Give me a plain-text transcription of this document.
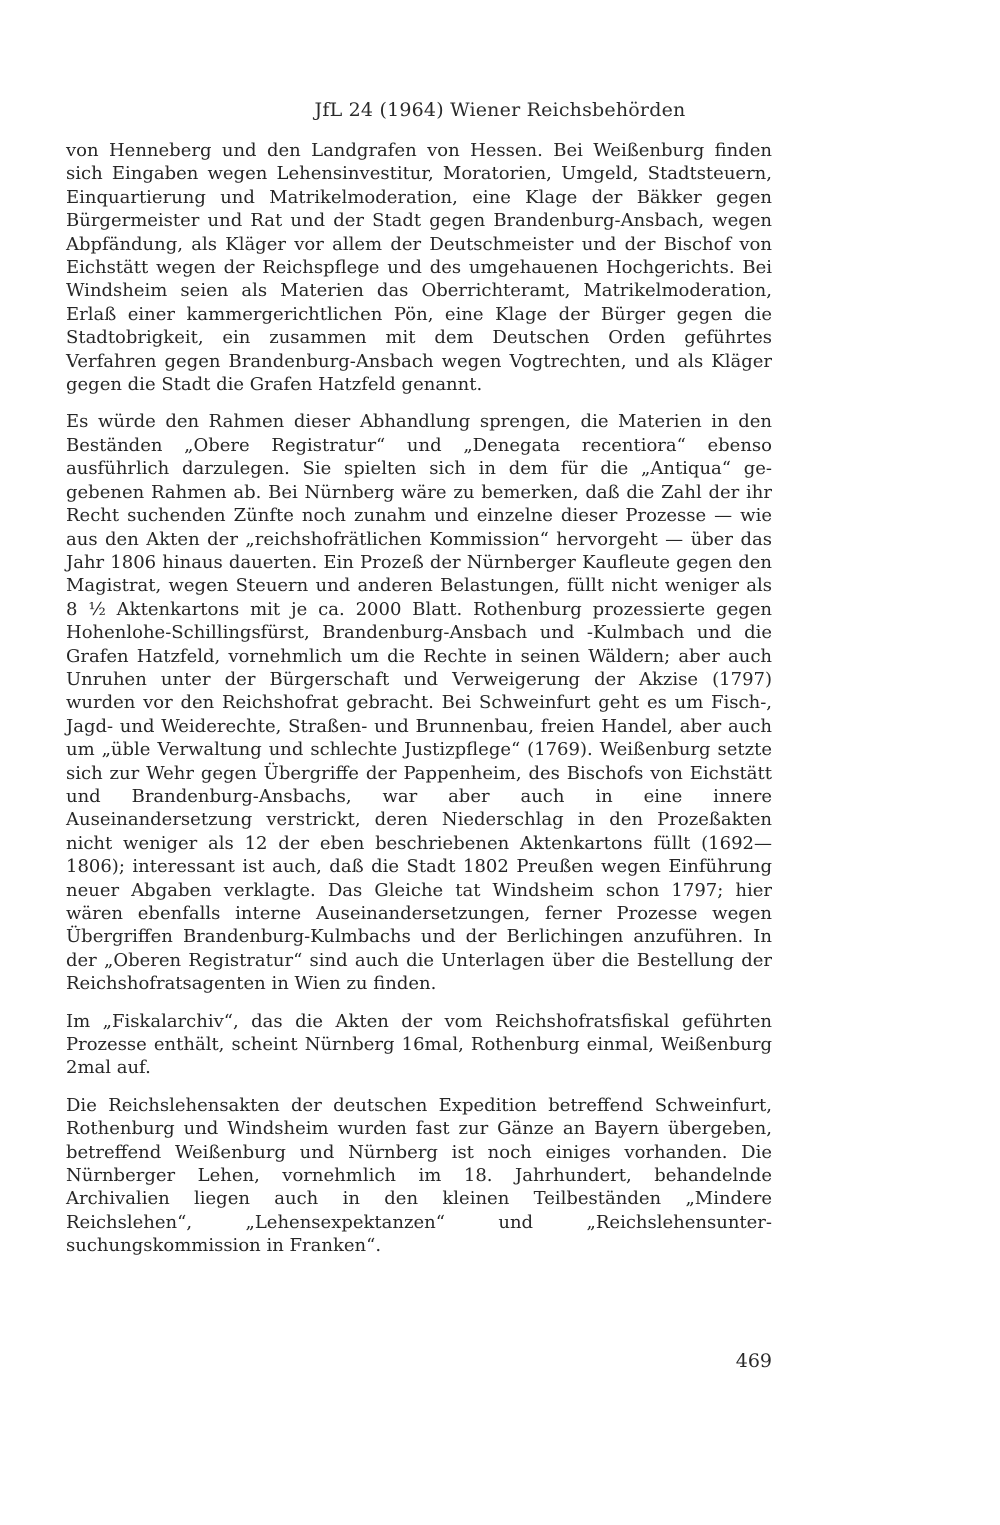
JfL 24 (1964) Wiener Reichsbehörden

von Henneberg und den Landgrafen von Hessen. Bei Weißenburg finden sich Eingaben wegen Lehensinvestitur, Moratorien, Umgeld, Stadtsteuern, Einquartierung und Matrikelmoderation, eine Klage der Bäkker gegen Bürgermeister und Rat und der Stadt gegen Brandenburg-Ansbach, wegen Abpfändung, als Kläger vor allem der Deutschmeister und der Bischof von Eichstätt wegen der Reichspflege und des umgehauenen Hochgerichts. Bei Windsheim seien als Materien das Oberrichteramt, Matrikelmoderation, Erlaß einer kammergerichtlichen Pön, eine Klage der Bürger gegen die Stadtobrigkeit, ein zusammen mit dem Deutschen Orden geführtes Verfahren gegen Brandenburg-Ansbach wegen Vogtrechten, und als Kläger gegen die Stadt die Grafen Hatzfeld genannt.

Es würde den Rahmen dieser Abhandlung sprengen, die Materien in den Beständen „Obere Registratur“ und „Denegata recentiora“ ebenso ausführlich darzulegen. Sie spielten sich in dem für die „Antiqua“ gegebenen Rahmen ab. Bei Nürnberg wäre zu bemerken, daß die Zahl der ihr Recht suchenden Zünfte noch zunahm und einzelne dieser Prozesse — wie aus den Akten der „reichshofrätlichen Kommission“ hervorgeht — über das Jahr 1806 hinaus dauerten. Ein Prozeß der Nürnberger Kaufleute gegen den Magistrat, wegen Steuern und anderen Belastungen, füllt nicht weniger als 8 ½ Aktenkartons mit je ca. 2000 Blatt. Rothenburg prozessierte gegen Hohenlohe-Schillingsfürst, Brandenburg-Ansbach und -Kulmbach und die Grafen Hatzfeld, vornehmlich um die Rechte in seinen Wäldern; aber auch Unruhen unter der Bürgerschaft und Verweigerung der Akzise (1797) wurden vor den Reichshofrat gebracht. Bei Schweinfurt geht es um Fisch-, Jagd- und Weiderechte, Straßen- und Brunnenbau, freien Handel, aber auch um „üble Verwaltung und schlechte Justizpflege“ (1769). Weißenburg setzte sich zur Wehr gegen Übergriffe der Pappenheim, des Bischofs von Eichstätt und Brandenburg-Ansbachs, war aber auch in eine innere Auseinandersetzung verstrickt, deren Niederschlag in den Prozeßakten nicht weniger als 12 der eben beschriebenen Aktenkartons füllt (1692—1806); interessant ist auch, daß die Stadt 1802 Preußen wegen Einführung neuer Abgaben verklagte. Das Gleiche tat Windsheim schon 1797; hier wären ebenfalls interne Auseinandersetzungen, ferner Prozesse wegen Übergriffen Brandenburg-Kulmbachs und der Berlichingen anzuführen. In der „Oberen Registratur“ sind auch die Unterlagen über die Bestellung der Reichshofratsagenten in Wien zu finden.

Im „Fiskalarchiv“, das die Akten der vom Reichshofratsfiskal geführten Prozesse enthält, scheint Nürnberg 16mal, Rothenburg einmal, Weißenburg 2mal auf.

Die Reichslehensakten der deutschen Expedition betreffend Schweinfurt, Rothenburg und Windsheim wurden fast zur Gänze an Bayern übergeben, betreffend Weißenburg und Nürnberg ist noch einiges vorhanden. Die Nürnberger Lehen, vornehmlich im 18. Jahrhundert, behandelnde Archivalien liegen auch in den kleinen Teilbeständen „Mindere Reichslehen“, „Lehensexpektanzen“ und „Reichslehensuntersuchungskommission in Franken“.

469
